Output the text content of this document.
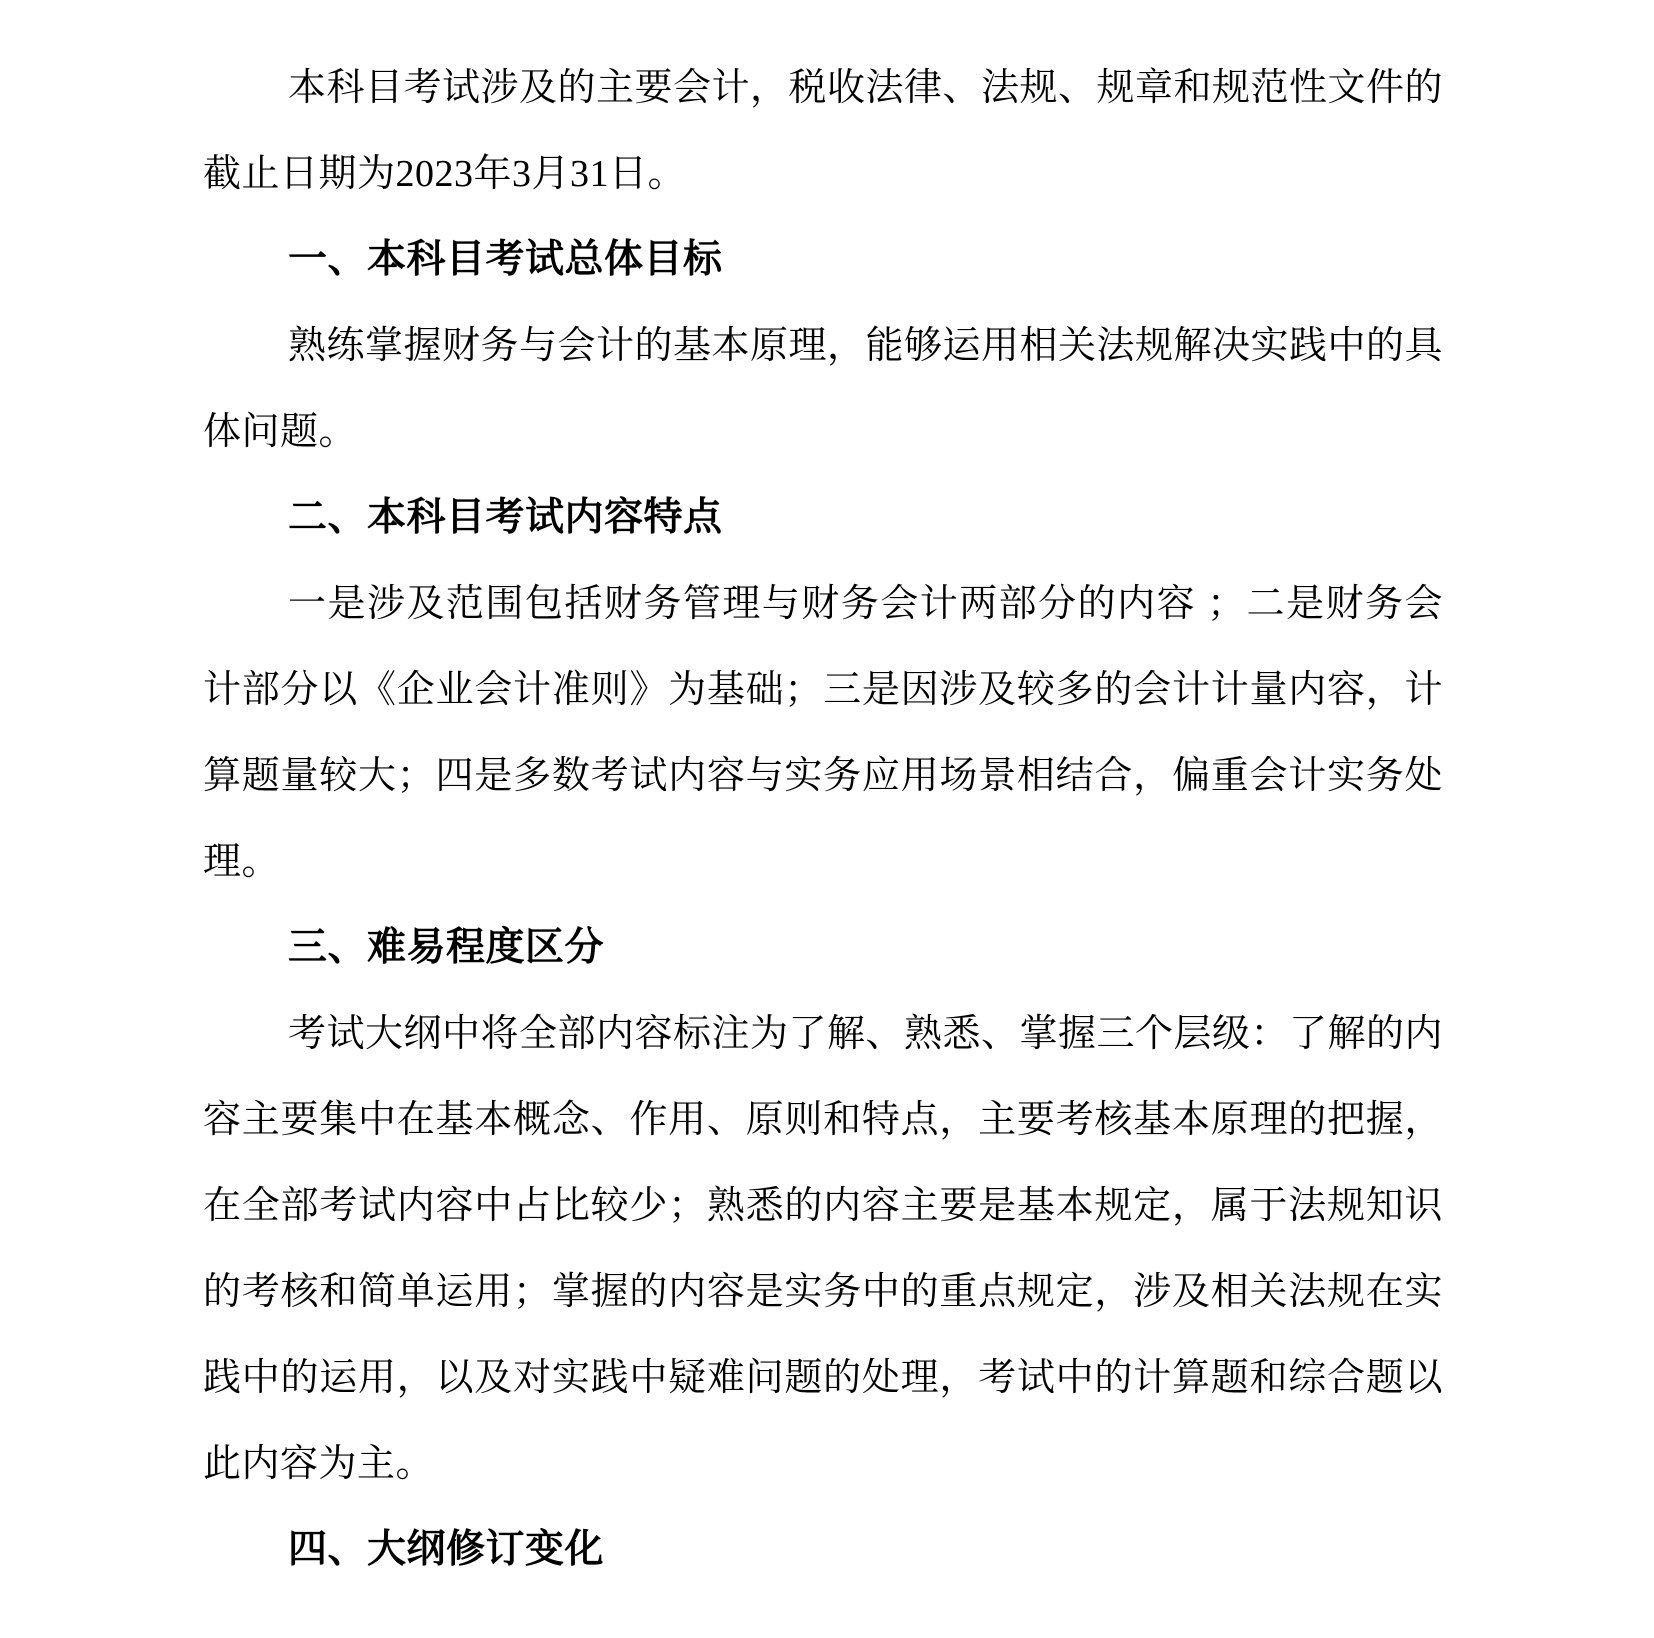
本科目考试涉及的主要会计，税收法律、法规、规章和规范性文件的截止日期为2023年3月31日。

一、本科目考试总体目标

熟练掌握财务与会计的基本原理，能够运用相关法规解决实践中的具体问题。

二、本科目考试内容特点

一是涉及范围包括财务管理与财务会计两部分的内容 ；二是财务会计部分以《企业会计准则》为基础；三是因涉及较多的会计计量内容，计算题量较大；四是多数考试内容与实务应用场景相结合，偏重会计实务处理。

三、难易程度区分

考试大纲中将全部内容标注为了解、熟悉、掌握三个层级：了解的内容主要集中在基本概念、作用、原则和特点，主要考核基本原理的把握，在全部考试内容中占比较少；熟悉的内容主要是基本规定，属于法规知识的考核和简单运用；掌握的内容是实务中的重点规定，涉及相关法规在实践中的运用，以及对实践中疑难问题的处理，考试中的计算题和综合题以此内容为主。

四、大纲修订变化
